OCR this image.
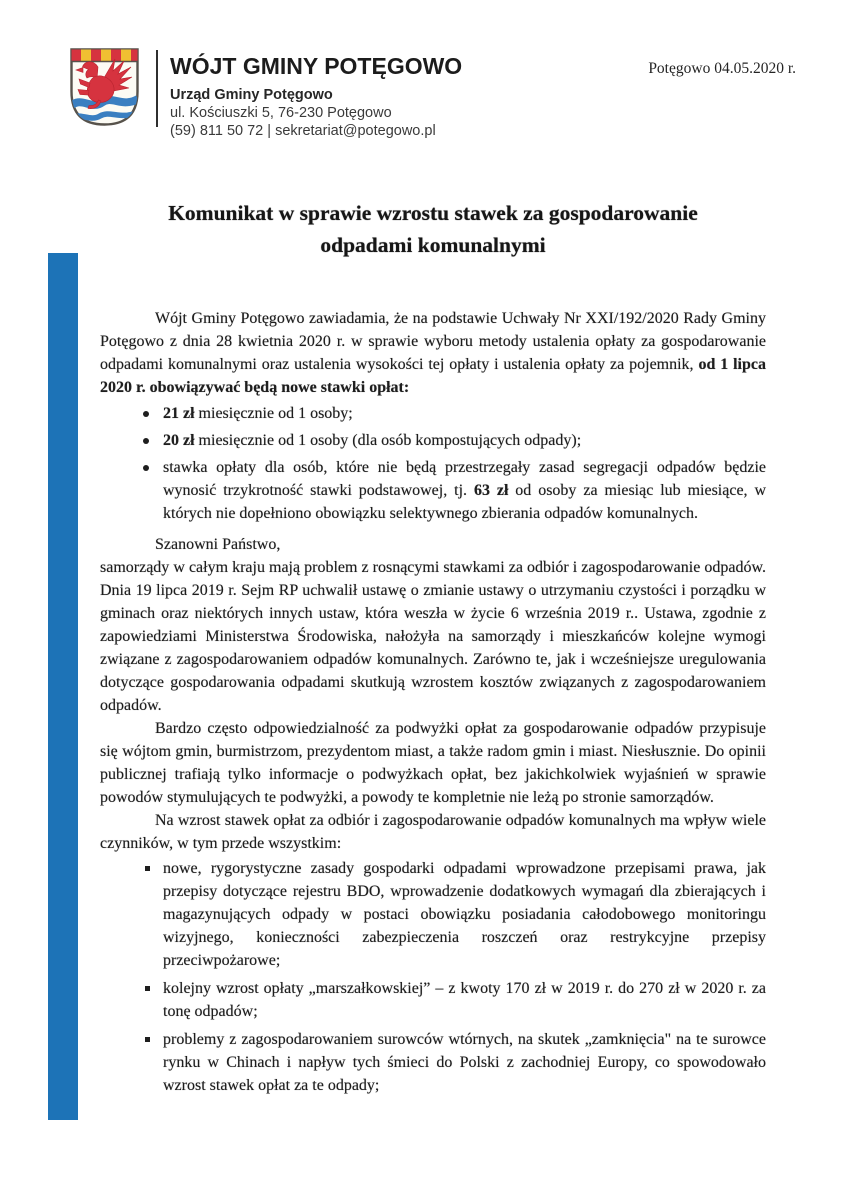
WÓJT GMINY POTĘGOWO

Urząd Gminy Potęgowo

ul. Kościuszki 5, 76-230 Potęgowo

(59) 811 50 72 | sekretariat@potegowo.pl

Potęgowo 04.05.2020 r.
Komunikat w sprawie wzrostu stawek za gospodarowanie
odpadami komunalnymi

Wójt Gminy Potęgowo zawiadamia, że na podstawie Uchwały Nr XXI/192/2020 Rady Gminy Potęgowo z dnia 28 kwietnia 2020 r. w sprawie wyboru metody ustalenia opłaty za gospodarowanie odpadami komunalnymi oraz ustalenia wysokości tej opłaty i ustalenia opłaty za pojemnik, od 1 lipca 2020 r. obowiązywać będą nowe stawki opłat:

21 zł miesięcznie od 1 osoby;
20 zł miesięcznie od 1 osoby (dla osób kompostujących odpady);
stawka opłaty dla osób, które nie będą przestrzegały zasad segregacji odpadów będzie wynosić trzykrotność stawki podstawowej, tj. 63 zł od osoby za miesiąc lub miesiące, w których nie dopełniono obowiązku selektywnego zbierania odpadów komunalnych.

Szanowni Państwo,

samorządy w całym kraju mają problem z rosnącymi stawkami za odbiór i zagospodarowanie odpadów. Dnia 19 lipca 2019 r. Sejm RP uchwalił ustawę o zmianie ustawy o utrzymaniu czystości i porządku w gminach oraz niektórych innych ustaw, która weszła w życie 6 września 2019 r.. Ustawa, zgodnie z zapowiedziami Ministerstwa Środowiska, nałożyła na samorządy i mieszkańców kolejne wymogi związane z zagospodarowaniem odpadów komunalnych. Zarówno te, jak i wcześniejsze uregulowania dotyczące gospodarowania odpadami skutkują wzrostem kosztów związanych z zagospodarowaniem odpadów.

Bardzo często odpowiedzialność za podwyżki opłat za gospodarowanie odpadów przypisuje się wójtom gmin, burmistrzom, prezydentom miast, a także radom gmin i miast. Niesłusznie. Do opinii publicznej trafiają tylko informacje o podwyżkach opłat, bez jakichkolwiek wyjaśnień w sprawie powodów stymulujących te podwyżki, a powody te kompletnie nie leżą po stronie samorządów.

Na wzrost stawek opłat za odbiór i zagospodarowanie odpadów komunalnych ma wpływ wiele czynników, w tym przede wszystkim:

nowe, rygorystyczne zasady gospodarki odpadami wprowadzone przepisami prawa, jak przepisy dotyczące rejestru BDO, wprowadzenie dodatkowych wymagań dla zbierających i magazynujących odpady w postaci obowiązku posiadania całodobowego monitoringu wizyjnego, konieczności zabezpieczenia roszczeń oraz restrykcyjne przepisy przeciwpożarowe;
kolejny wzrost opłaty „marszałkowskiej” – z kwoty 170 zł w 2019 r. do 270 zł w 2020 r. za tonę odpadów;
problemy z zagospodarowaniem surowców wtórnych, na skutek „zamknięcia" na te surowce rynku w Chinach i napływ tych śmieci do Polski z zachodniej Europy, co spowodowało wzrost stawek opłat za te odpady;
